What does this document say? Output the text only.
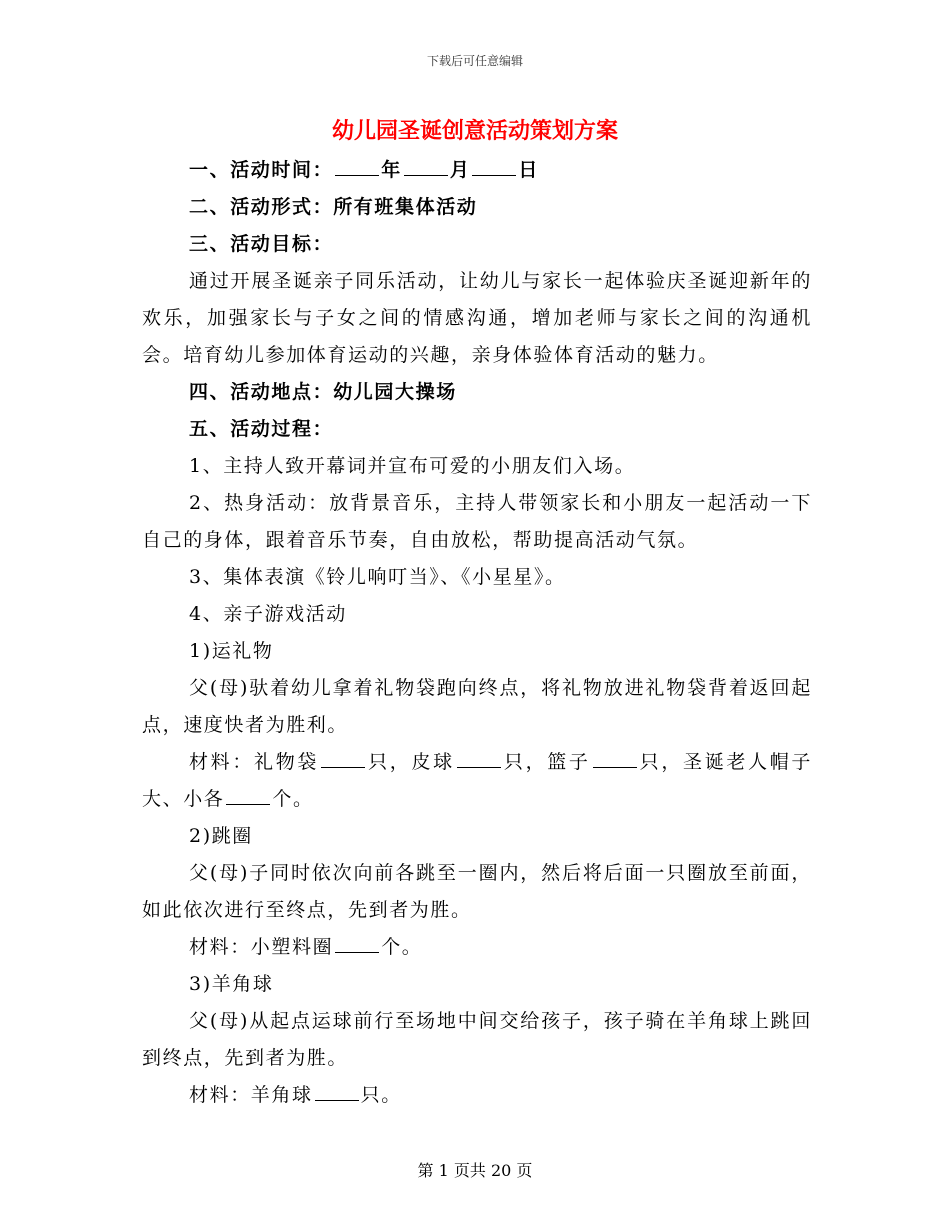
下载后可任意编辑
幼儿园圣诞创意活动策划方案

一、活动时间：	年	月	日

二、活动形式：所有班集体活动

三、活动目标：

通过开展圣诞亲子同乐活动，让幼儿与家长一起体验庆圣诞迎新年的欢乐，加强家长与子女之间的情感沟通，增加老师与家长之间的沟通机会。培育幼儿参加体育运动的兴趣，亲身体验体育活动的魅力。

四、活动地点：幼儿园大操场

五、活动过程：

1、主持人致开幕词并宣布可爱的小朋友们入场。

2、热身活动：放背景音乐，主持人带领家长和小朋友一起活动一下自己的身体，跟着音乐节奏，自由放松，帮助提高活动气氛。

3、集体表演《铃儿响叮当》、《小星星》。

4、亲子游戏活动

1)运礼物

父(母)驮着幼儿拿着礼物袋跑向终点，将礼物放进礼物袋背着返回起点，速度快者为胜利。

材料：礼物袋	只，皮球	只，篮子	只，圣诞老人帽子大、小各	个。

2)跳圈

父(母)子同时依次向前各跳至一圈内，然后将后面一只圈放至前面，如此依次进行至终点，先到者为胜。

材料：小塑料圈	个。

3)羊角球

父(母)从起点运球前行至场地中间交给孩子，孩子骑在羊角球上跳回到终点，先到者为胜。

材料：羊角球	只。

第 1 页共 20 页
